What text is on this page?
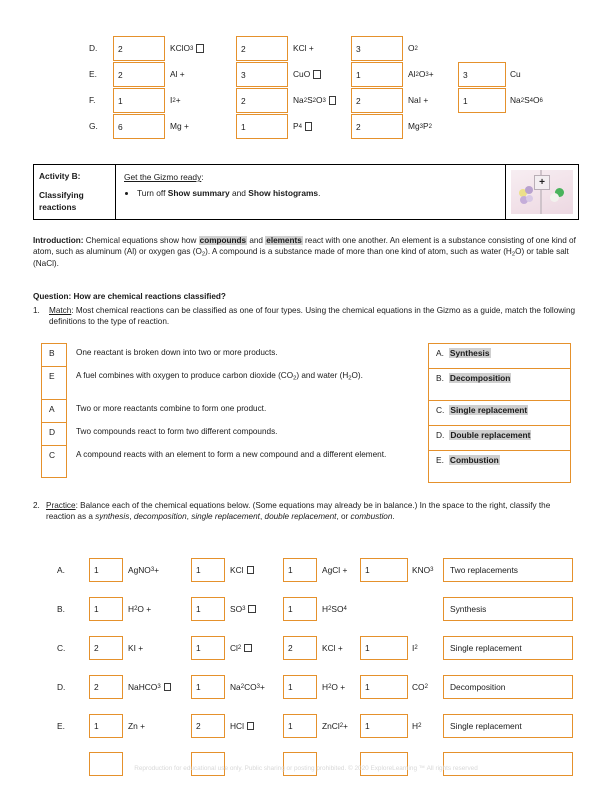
D.	2	KClO 3	2	KCl +	3	O 2
E.	2	Al +	3	CuO	1	Al 2 O 3 +	3	Cu
F.	1	I 2 +	2	Na 2 S 2 O 3	2	NaI +	1	Na 2 S 4 O 6
G.	6	Mg +	1	P 4	2	Mg 3 P 2
Activity B:
Classifying reactions
Get the Gizmo ready:
• Turn off Show summary and Show histograms.
+
Introduction: Chemical equations show how compounds and elements react with one another. An element is a substance consisting of one kind of atom, such as aluminum (Al) or oxygen gas $(O_2)$. A compound is a substance made of more than one kind of atom, such as water $(H_2O)$ or table salt (NaCl).
Question: How are chemical reactions classified?
1. Match: Most chemical reactions can be classified as one of four types. Using the chemical equations in the Gizmo as a guide, match the following definitions to the type of reaction.
B	One reactant is broken down into two or more products.
E	A fuel combines with oxygen to produce carbon dioxide $(CO_2)$ and water $(H_2O)$.
A	Two or more reactants combine to form one product.
D	Two compounds react to form two different compounds.
C	A compound reacts with an element to form a new compound and a different element.
A. Synthesis
B. Decomposition
C. Single replacement
D. Double replacement
E. Combustion
2. Practice: Balance each of the chemical equations below. (Some equations may already be in balance.) In the space to the right, classify the reaction as a synthesis, decomposition, single replacement, double replacement, or combustion.
A.	1	AgNO 3 +	1	KCl	1	AgCl +	1	KNO 3	Two replacements
B.	1	H 2 O +	1	SO 3	1	H 2 SO 4	Synthesis
C.	2	KI +	1	Cl 2	2	KCl +	1	I 2	Single replacement
D.	2	NaHCO 3	1	Na 2 CO 3 +	1	H 2 O +	1	CO 2	Decomposition
E.	1	Zn +	2	HCl	1	ZnCl 2 +	1	H 2	Single replacement
Reproduction for educational use only. Public sharing or posting prohibited. © 2020 ExploreLearning ™ All rights reserved
